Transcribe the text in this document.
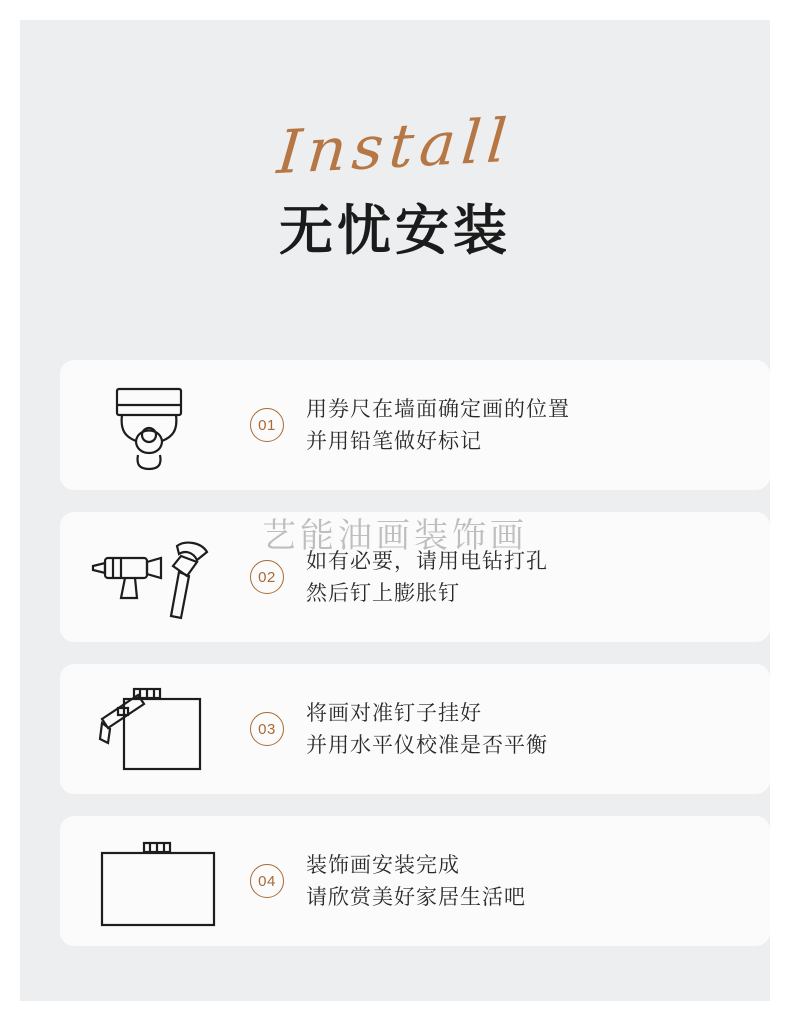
Install
无忧安装
艺能油画装饰画
01
用券尺在墙面确定画的位置
并用铅笔做好标记
02
如有必要，请用电钻打孔
然后钉上膨胀钉
03
将画对准钉子挂好
并用水平仪校准是否平衡
04
装饰画安装完成
请欣赏美好家居生活吧
